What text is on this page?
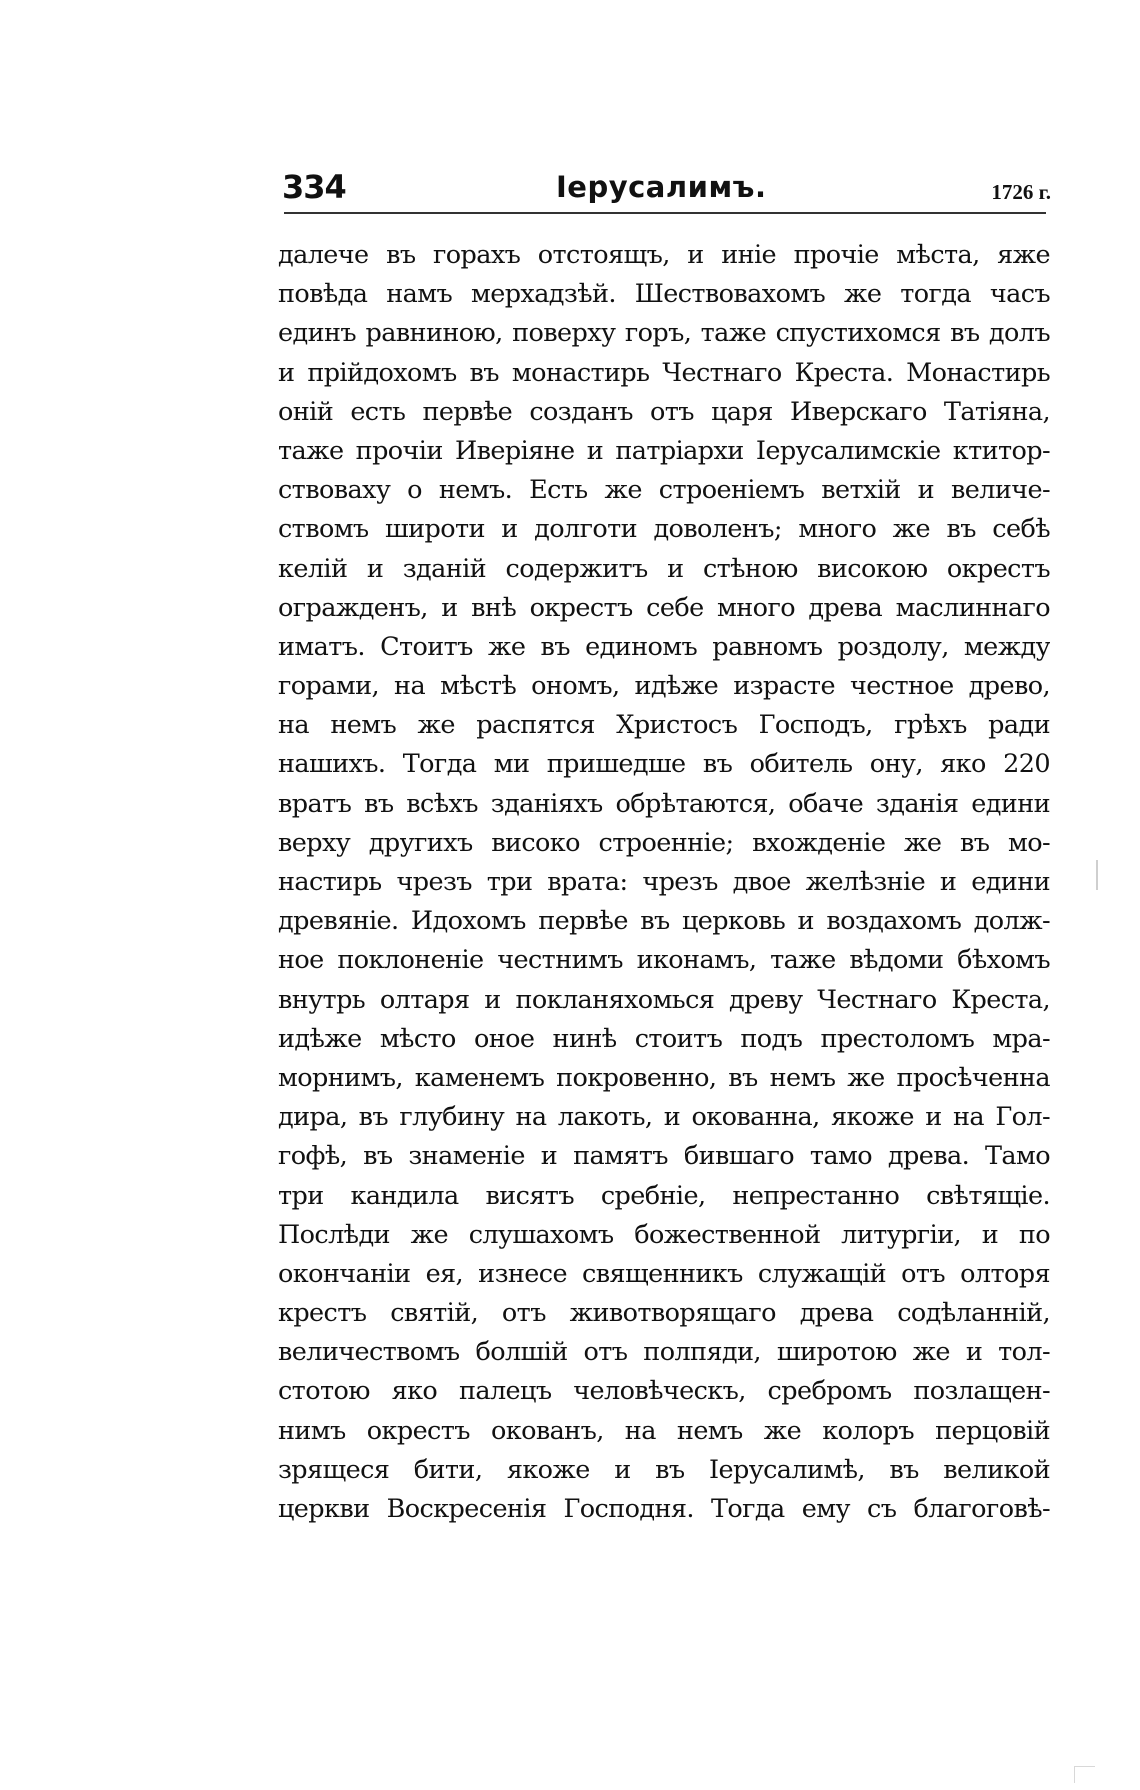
334	Іерусалимъ.	1726 г.
далече въ горахъ отстоящъ, и иніе прочіе мѣста, яже
повѣда намъ мерхадзѣй. Шествовахомъ же тогда часъ
единъ равниною, поверху горъ, таже спустихомся въ долъ
и прійдохомъ въ монастирь Честнаго Креста. Монастирь
оній есть первѣе созданъ отъ царя Иверскаго Татіяна,
таже прочіи Иверіяне и патріархи Іерусалимскіе ктитор-
ствоваху о немъ. Есть же строеніемъ ветхій и величе-
ствомъ широти и долготи доволенъ; много же въ себѣ
келій и зданій содержитъ и стѣною високою окрестъ
огражденъ, и внѣ окрестъ себе много древа маслиннаго
иматъ. Стоитъ же въ единомъ равномъ роздолу, между
горами, на мѣстѣ ономъ, идѣже израсте честное древо,
на немъ же распятся Христосъ Господъ, грѣхъ ради
нашихъ. Тогда ми пришедше въ обитель ону, яко 220
вратъ въ всѣхъ зданіяхъ обрѣтаются, обаче зданія едини
верху другихъ високо строенніе; вхожденіе же въ мо-
настирь чрезъ три врата: чрезъ двое желѣзніе и едини
древяніе. Идохомъ первѣе въ церковь и воздахомъ долж-
ное поклоненіе честнимъ иконамъ, таже вѣдоми бѣхомъ
внутрь олтаря и покланяхомься древу Честнаго Креста,
идѣже мѣсто оное нинѣ стоитъ подъ престоломъ мра-
морнимъ, каменемъ покровенно, въ немъ же просѣченна
дира, въ глубину на лакоть, и окованна, якоже и на Гол-
гофѣ, въ знаменіе и памятъ бившаго тамо древа. Тамо
три кандила висятъ сребніе, непрестанно свѣтящіе.
Послѣди же слушахомъ божественной литургіи, и по
окончаніи ея, изнесе священникъ служащій отъ олторя
крестъ святій, отъ животворящаго древа содѣланній,
величествомъ болшій отъ полпяди, широтою же и тол-
стотою яко палецъ человѣческъ, сребромъ позлащен-
нимъ окрестъ окованъ, на немъ же колоръ перцовій
зрящеся бити, якоже и въ Іерусалимѣ, въ великой
церкви Воскресенія Господня. Тогда ему съ благоговѣ-
